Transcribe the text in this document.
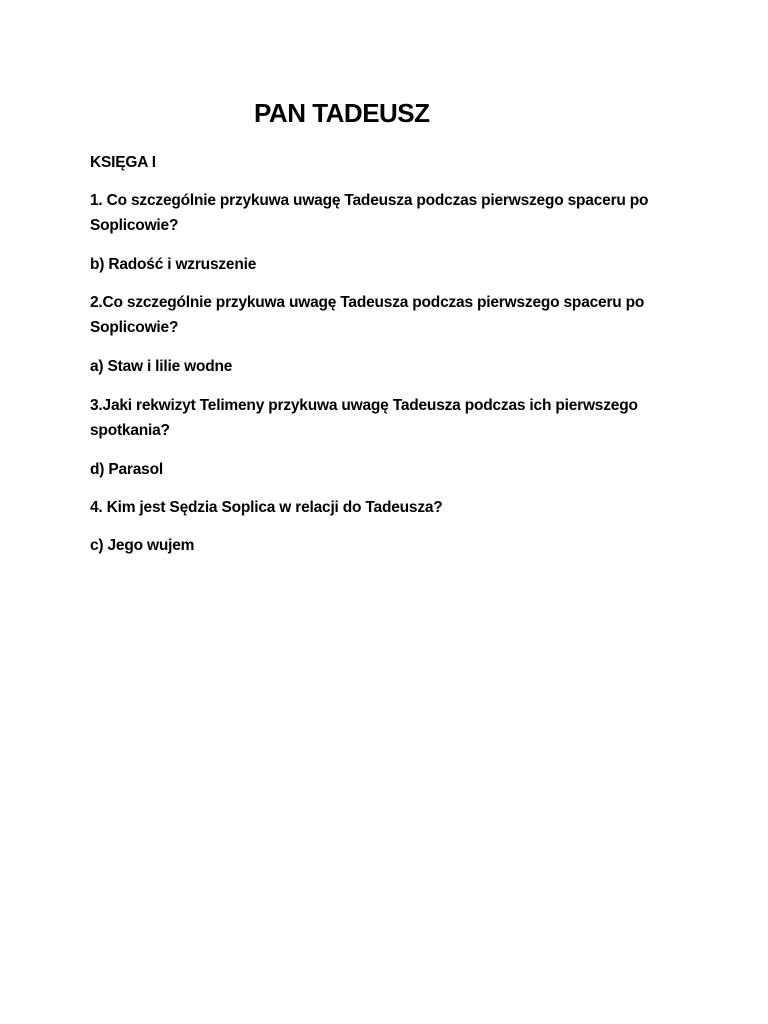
PAN TADEUSZ

KSIĘGA I

1. Co szczególnie przykuwa uwagę Tadeusza podczas pierwszego spaceru po Soplicowie?

b) Radość i wzruszenie

2.Co szczególnie przykuwa uwagę Tadeusza podczas pierwszego spaceru po Soplicowie?

a) Staw i lilie wodne

3.Jaki rekwizyt Telimeny przykuwa uwagę Tadeusza podczas ich pierwszego spotkania?

d) Parasol

4. Kim jest Sędzia Soplica w relacji do Tadeusza?

c) Jego wujem
